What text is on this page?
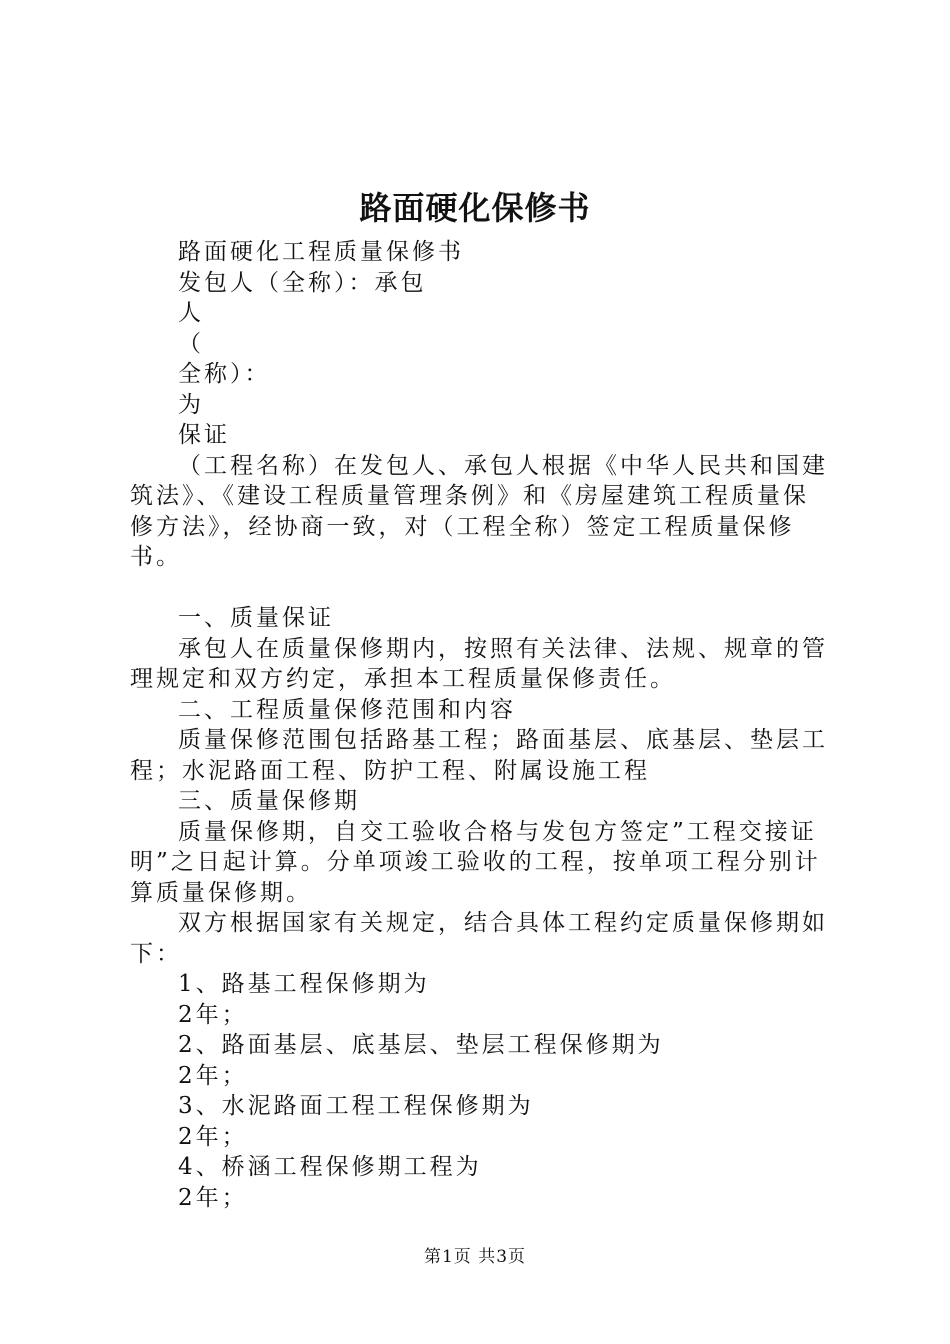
路面硬化保修书
路面硬化工程质量保修书
发包人（全称）：承包
人
（
全称）：
为
保证
（工程名称）在发包人、承包人根据《中华人民共和国建筑法》、《建设工程质量管理条例》和《房屋建筑工程质量保修方法》，经协商一致，对（工程全称）签定工程质量保修书。
一、质量保证
承包人在质量保修期内，按照有关法律、法规、规章的管理规定和双方约定，承担本工程质量保修责任。
二、工程质量保修范围和内容
质量保修范围包括路基工程；路面基层、底基层、垫层工程；水泥路面工程、防护工程、附属设施工程
三、质量保修期
质量保修期，自交工验收合格与发包方签定”工程交接证明”之日起计算。分单项竣工验收的工程，按单项工程分别计算质量保修期。
双方根据国家有关规定，结合具体工程约定质量保修期如下：
1、路基工程保修期为
2年；
2、路面基层、底基层、垫层工程保修期为
2年；
3、水泥路面工程工程保修期为
2年；
4、桥涵工程保修期工程为
2年；
第1页 共3页
